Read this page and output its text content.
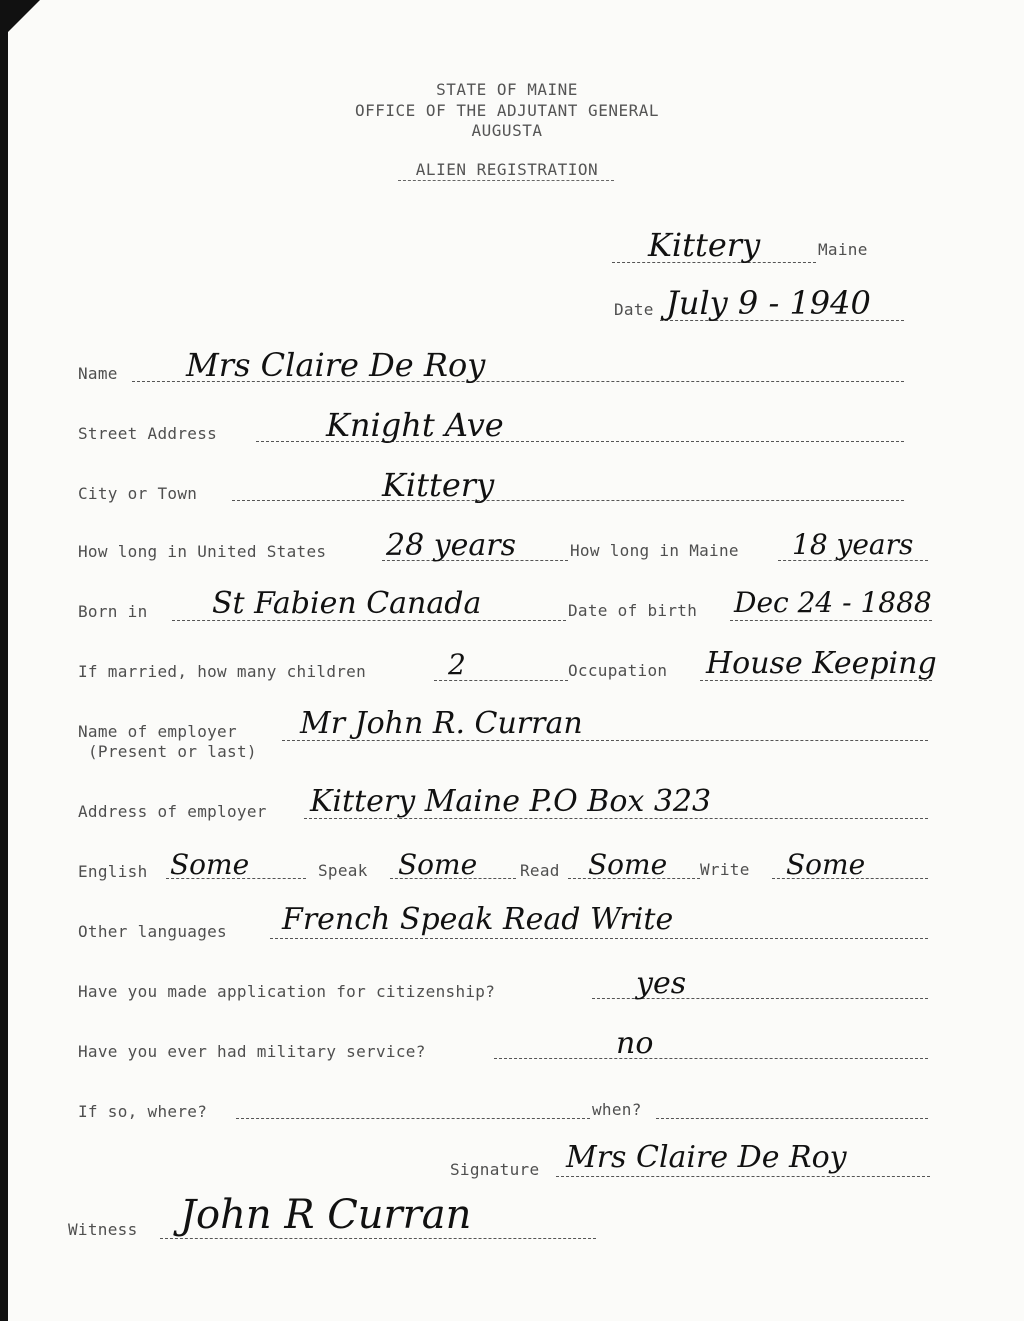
STATE OF MAINE
OFFICE OF THE ADJUTANT GENERAL
AUGUSTA
ALIEN REGISTRATION
Kittery	Maine
Date July 9 - 1940
Name Mrs Claire De Roy
Street Address	Knight Ave
City or Town	Kittery
How long in United States 28 years	How long in Maine 18 years
Born in St Fabien Canada	Date of birth Dec 24 - 1888
If married, how many children	2	Occupation House Keeping
Name of employer
(Present or last)
Mr John R. Curran
Address of employer Kittery Maine P.O Box 323
English Some	Speak Some	Read Some Write Some
Other languages French Speak Read Write
Have you made application for citizenship?	yes
Have you ever had military service?	no
If so, where?	when?
Signature Mrs Claire De Roy
Witness John R Curran
